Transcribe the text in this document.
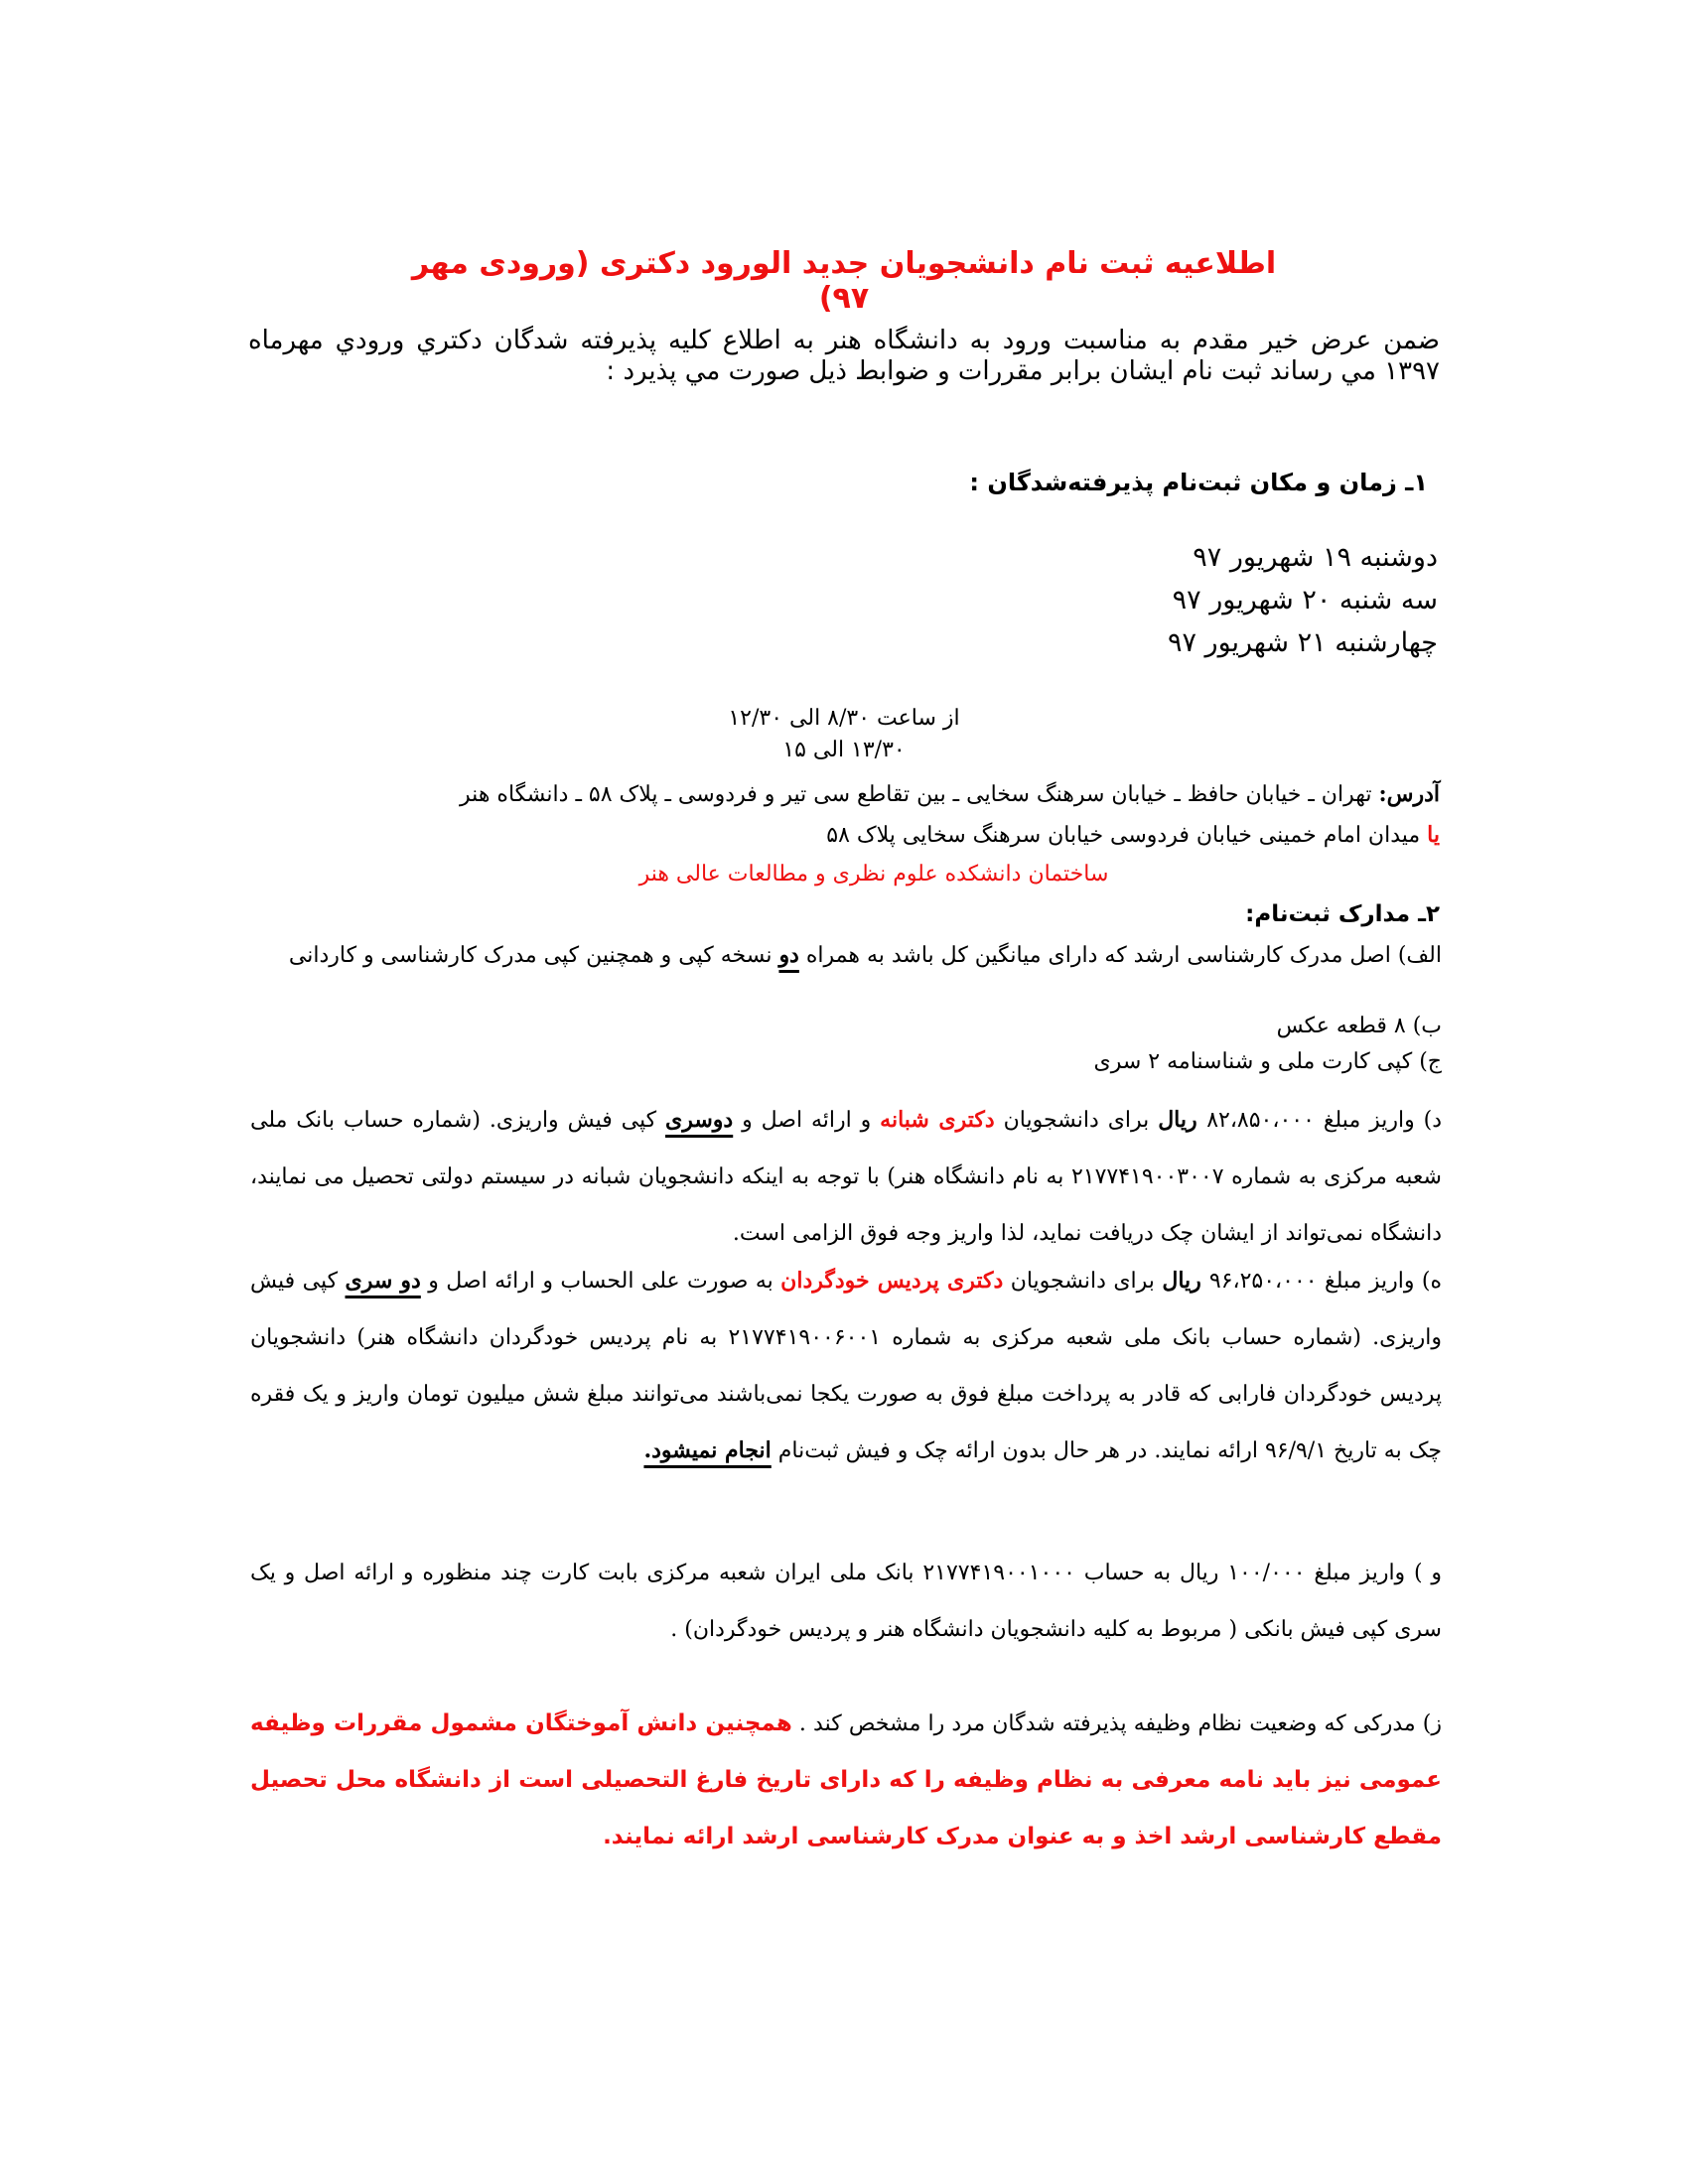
اطلاعیه ثبت نام دانشجویان جدید الورود دکتری (ورودی مهر ۹۷)
ضمن عرض خیر مقدم به مناسبت ورود به دانشگاه هنر به اطلاع کلیه پذیرفته شدگان دکتري ورودي مهرماه ۱۳۹۷ مي رساند ثبت نام ایشان برابر مقررات و ضوابط ذیل صورت مي پذیرد :
۱ـ زمان و مکان ثبت‌نام پذیرفته‌شدگان :
دوشنبه ۱۹ شهریور ۹۷
سه شنبه ۲۰ شهریور ۹۷
چهارشنبه ۲۱ شهریور ۹۷
از ساعت ۸/۳۰ الی ۱۲/۳۰
۱۳/۳۰ الی ۱۵
آدرس: تهران ـ خیابان حافظ ـ خیابان سرهنگ سخایی ـ بین تقاطع سی تیر و فردوسی ـ پلاک ۵۸ ـ دانشگاه هنر
یا میدان امام خمینی خیابان فردوسی خیابان سرهنگ سخایی پلاک ۵۸
ساختمان دانشکده علوم نظری و مطالعات عالی هنر
۲ـ مدارک ثبت‌نام:
الف) اصل مدرک کارشناسی ارشد که دارای میانگین کل باشد به همراه دو نسخه کپی و همچنین کپی مدرک کارشناسی و کاردانی
ب) ۸ قطعه عکس
ج) کپی کارت ملی و شناسنامه ۲ سری
د) واریز مبلغ ۸۲،۸۵۰،۰۰۰ ریال برای دانشجویان دکتری شبانه و ارائه اصل و دوسری کپی فیش واریزی. (شماره حساب بانک ملی شعبه مرکزی به شماره ۲۱۷۷۴۱۹۰۰۳۰۰۷ به نام دانشگاه هنر) با توجه به اینکه دانشجویان شبانه در سیستم دولتی تحصیل می نمایند، دانشگاه نمی‌تواند از ایشان چک دریافت نماید، لذا واریز وجه فوق الزامی است.
ه) واریز مبلغ ۹۶،۲۵۰،۰۰۰ ریال برای دانشجویان دکتری پردیس خودگردان به صورت علی الحساب و ارائه اصل و دو سری کپی فیش واریزی. (شماره حساب بانک ملی شعبه مرکزی به شماره ۲۱۷۷۴۱۹۰۰۶۰۰۱ به نام پردیس خودگردان دانشگاه هنر) دانشجویان پردیس خودگردان فارابی که قادر به پرداخت مبلغ فوق به صورت یکجا نمی‌باشند می‌توانند مبلغ شش میلیون تومان واریز و یک فقره چک به تاریخ ۹۶/۹/۱ ارائه نمایند. در هر حال بدون ارائه چک و فیش ثبت‌نام انجام نمیشود.
و ) واریز مبلغ ۱۰۰/۰۰۰ ریال به حساب ۲۱۷۷۴۱۹۰۰۱۰۰۰ بانک ملی ایران شعبه مرکزی بابت کارت چند منظوره و ارائه اصل و یک سری کپی فیش بانکی ( مربوط به کلیه دانشجویان دانشگاه هنر و پردیس خودگردان) .
ز) مدرکی که وضعیت نظام وظیفه پذیرفته شدگان مرد را مشخص کند . همچنین دانش آموختگان مشمول مقررات وظیفه عمومی نیز باید نامه معرفی به نظام وظیفه را که دارای تاریخ فارغ التحصیلی است از دانشگاه محل تحصیل مقطع کارشناسی ارشد اخذ و به عنوان مدرک کارشناسی ارشد ارائه نمایند.
